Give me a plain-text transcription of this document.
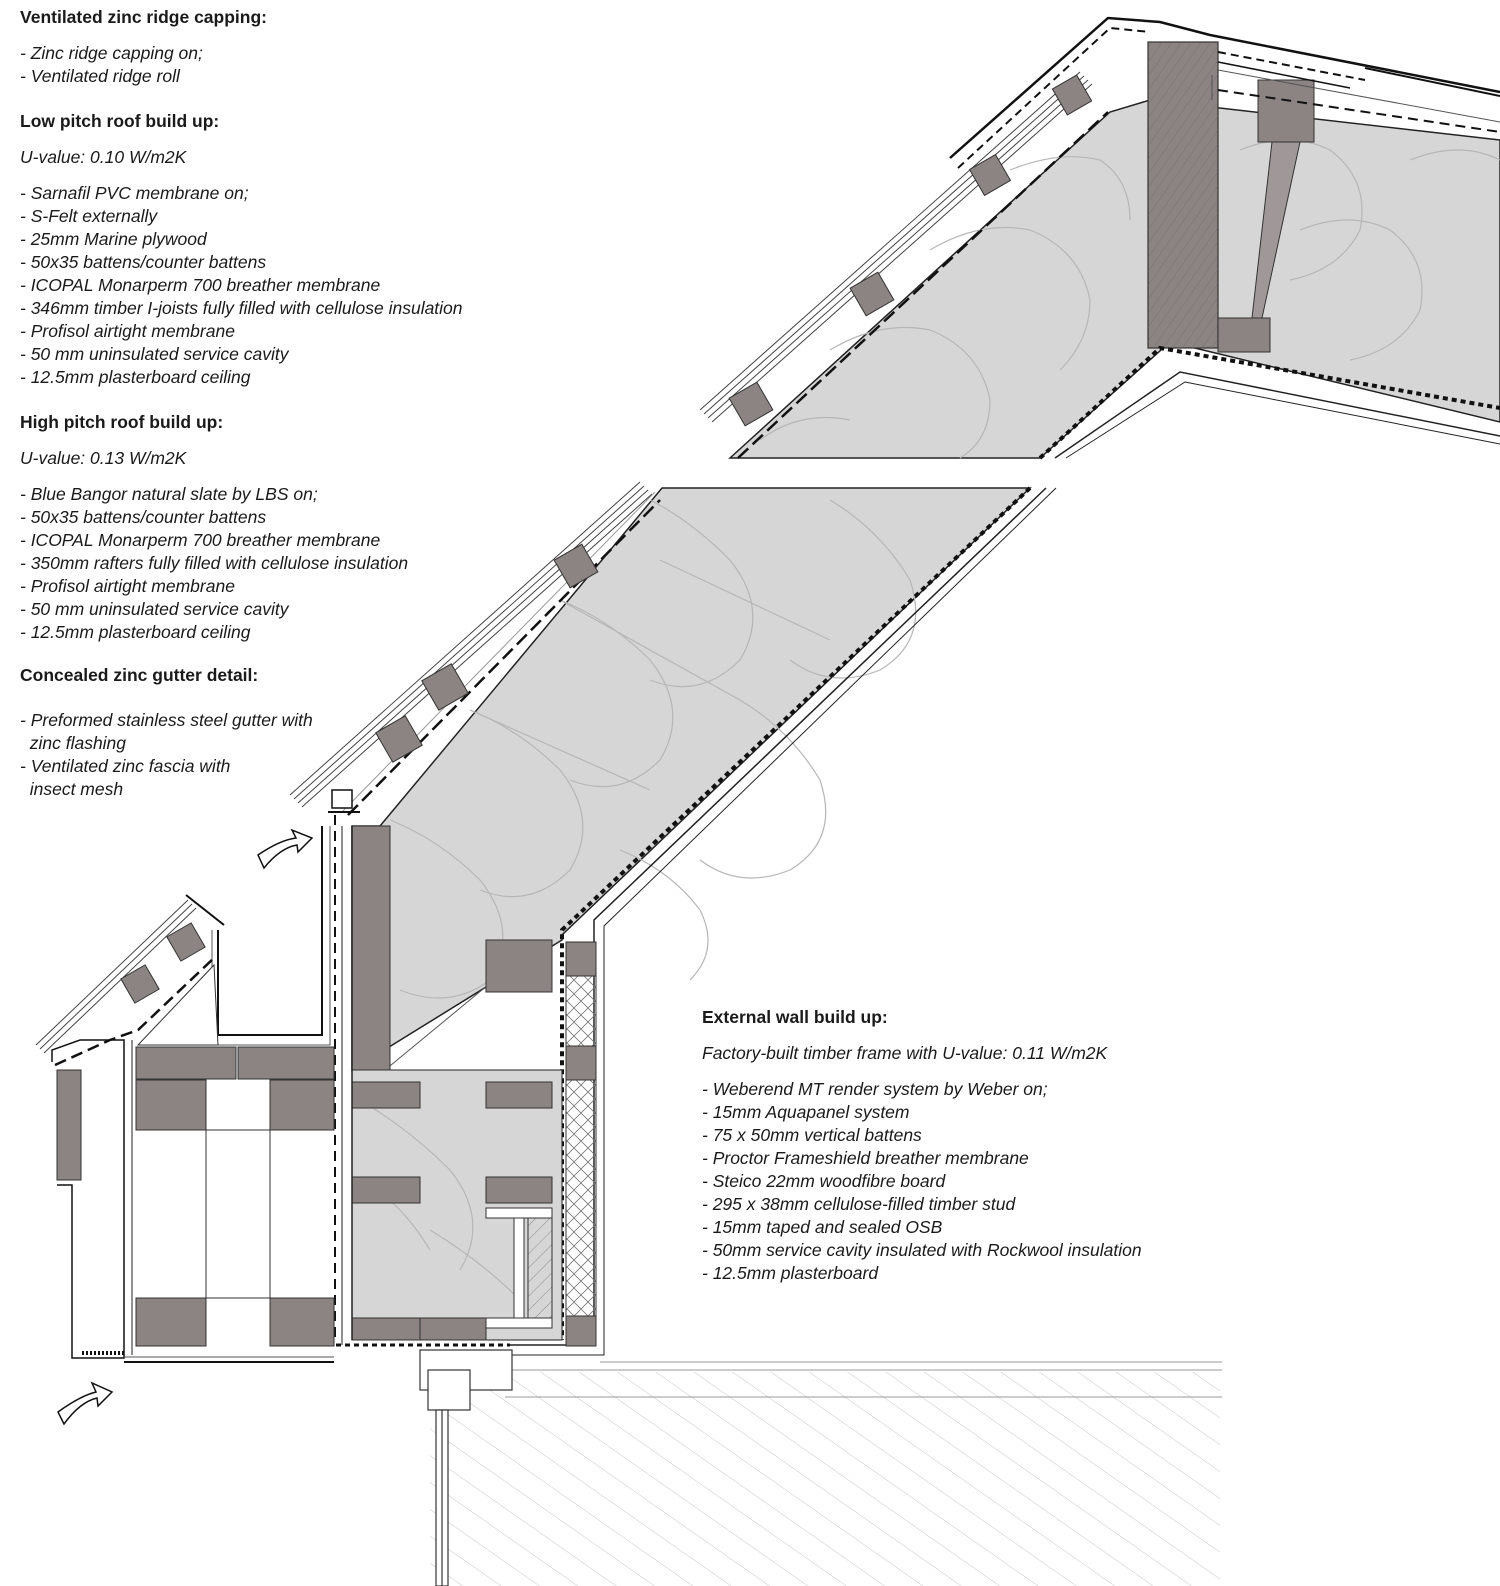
Ventilated zinc ridge capping:
- Zinc ridge capping on;
- Ventilated ridge roll
Low pitch roof build up:

U-value: 0.10 W/m2K

- Sarnafil PVC membrane on;
- S-Felt externally
- 25mm Marine plywood
- 50x35 battens/counter battens
- ICOPAL Monarperm 700 breather membrane
- 346mm timber I-joists fully filled with cellulose insulation
- Profisol airtight membrane
- 50 mm uninsulated service cavity
- 12.5mm plasterboard ceiling
High pitch roof build up:

U-value: 0.13 W/m2K

- Blue Bangor natural slate by LBS on;
- 50x35 battens/counter battens
- ICOPAL Monarperm 700 breather membrane
- 350mm rafters fully filled with cellulose insulation
- Profisol airtight membrane
- 50 mm uninsulated service cavity
- 12.5mm plasterboard ceiling
Concealed zinc gutter detail:
- Preformed stainless steel gutter with
zinc flashing
- Ventilated zinc fascia with
insect mesh
External wall build up:

Factory-built timber frame with U-value: 0.11 W/m2K

- Weberend MT render system by Weber on;
- 15mm Aquapanel system
- 75 x 50mm vertical battens
- Proctor Frameshield breather membrane
- Steico 22mm woodfibre board
- 295 x 38mm cellulose-filled timber stud
- 15mm taped and sealed OSB
- 50mm service cavity insulated with Rockwool insulation
- 12.5mm plasterboard
